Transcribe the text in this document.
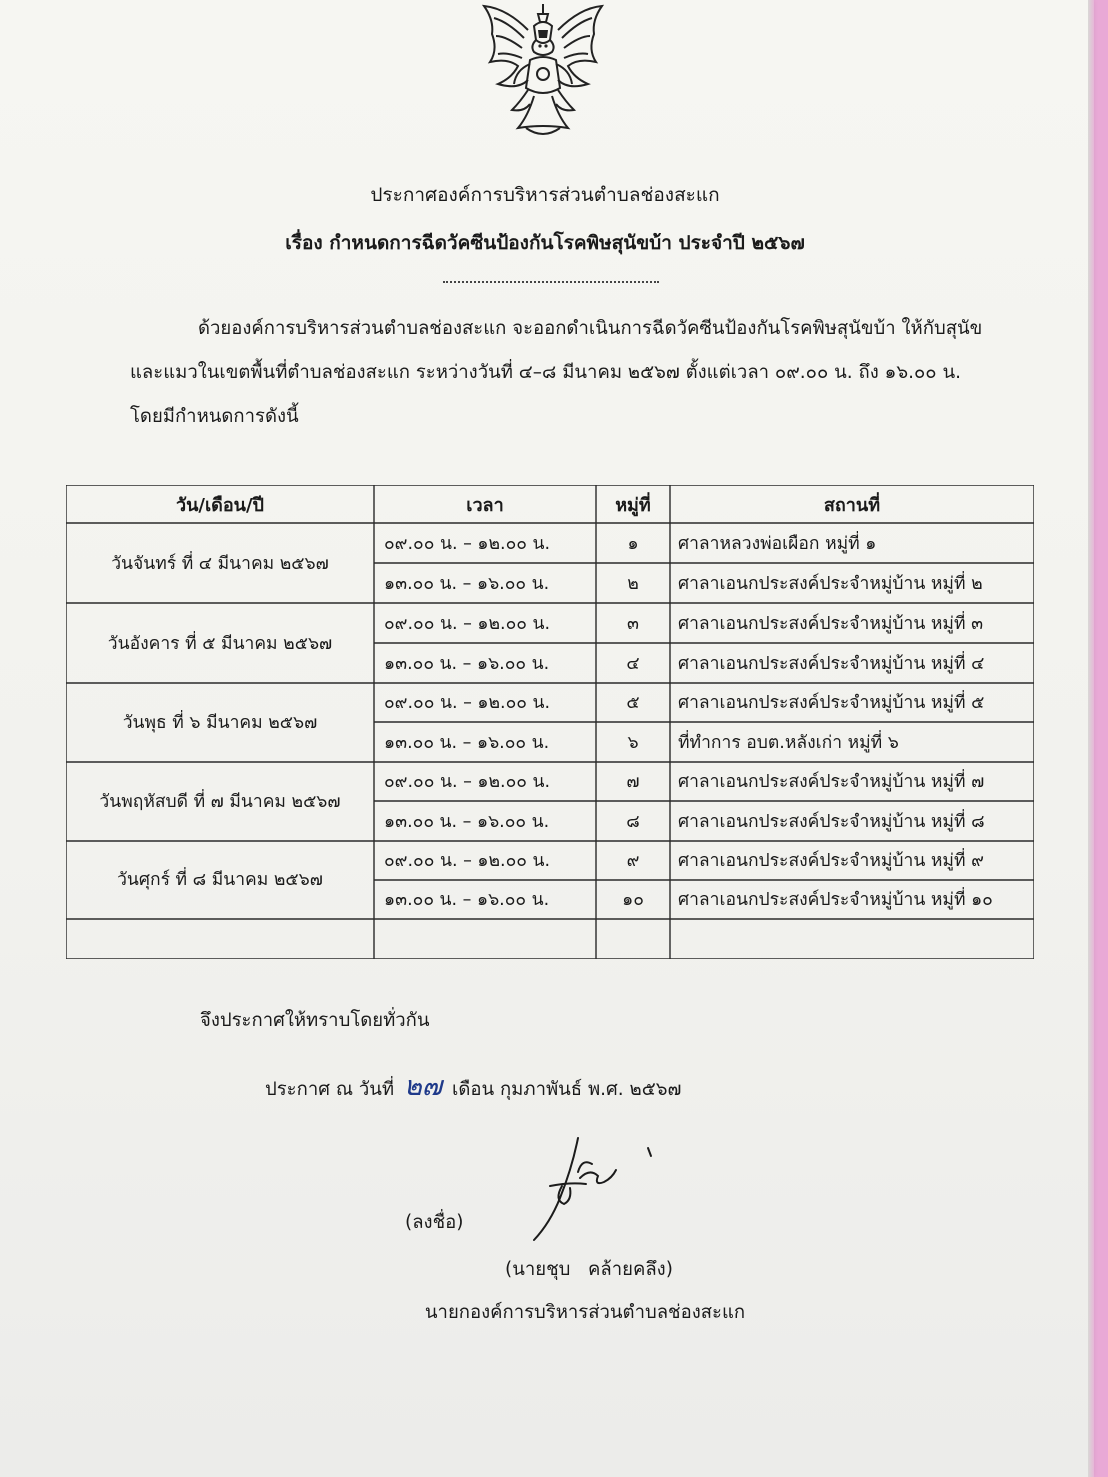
ประกาศองค์การบริหารส่วนตำบลช่องสะแก
เรื่อง กำหนดการฉีดวัคซีนป้องกันโรคพิษสุนัขบ้า ประจำปี ๒๕๖๗
ด้วยองค์การบริหารส่วนตำบลช่องสะแก จะออกดำเนินการฉีดวัคซีนป้องกันโรคพิษสุนัขบ้า ให้กับสุนัข
และแมวในเขตพื้นที่ตำบลช่องสะแก ระหว่างวันที่ ๔–๘ มีนาคม ๒๕๖๗ ตั้งแต่เวลา ๐๙.๐๐ น. ถึง ๑๖.๐๐ น.
โดยมีกำหนดการดังนี้
วัน/เดือน/ปี	เวลา	หมู่ที่	สถานที่
วันจันทร์ ที่ ๔ มีนาคม ๒๕๖๗
๐๙.๐๐ น. – ๑๒.๐๐ น.	๑ ศาลาหลวงพ่อเผือก หมู่ที่ ๑
๑๓.๐๐ น. – ๑๖.๐๐ น.	๒ ศาลาเอนกประสงค์ประจำหมู่บ้าน หมู่ที่ ๒
วันอังคาร ที่ ๕ มีนาคม ๒๕๖๗
๐๙.๐๐ น. – ๑๒.๐๐ น.	๓ ศาลาเอนกประสงค์ประจำหมู่บ้าน หมู่ที่ ๓
๑๓.๐๐ น. – ๑๖.๐๐ น.	๔ ศาลาเอนกประสงค์ประจำหมู่บ้าน หมู่ที่ ๔
วันพุธ ที่ ๖ มีนาคม ๒๕๖๗
๐๙.๐๐ น. – ๑๒.๐๐ น.	๕ ศาลาเอนกประสงค์ประจำหมู่บ้าน หมู่ที่ ๕
๑๓.๐๐ น. – ๑๖.๐๐ น.	๖ ที่ทำการ อบต.หลังเก่า หมู่ที่ ๖
วันพฤหัสบดี ที่ ๗ มีนาคม ๒๕๖๗
๐๙.๐๐ น. – ๑๒.๐๐ น.	๗ ศาลาเอนกประสงค์ประจำหมู่บ้าน หมู่ที่ ๗
๑๓.๐๐ น. – ๑๖.๐๐ น.	๘ ศาลาเอนกประสงค์ประจำหมู่บ้าน หมู่ที่ ๘
วันศุกร์ ที่ ๘ มีนาคม ๒๕๖๗
๐๙.๐๐ น. – ๑๒.๐๐ น.	๙ ศาลาเอนกประสงค์ประจำหมู่บ้าน หมู่ที่ ๙
๑๓.๐๐ น. – ๑๖.๐๐ น.	๑๐ ศาลาเอนกประสงค์ประจำหมู่บ้าน หมู่ที่ ๑๐
จึงประกาศให้ทราบโดยทั่วกัน
ประกาศ ณ วันที่ ๒๗ เดือน กุมภาพันธ์ พ.ศ. ๒๕๖๗
(ลงชื่อ)
(นายชุบ   คล้ายคลึง)
นายกองค์การบริหารส่วนตำบลช่องสะแก
